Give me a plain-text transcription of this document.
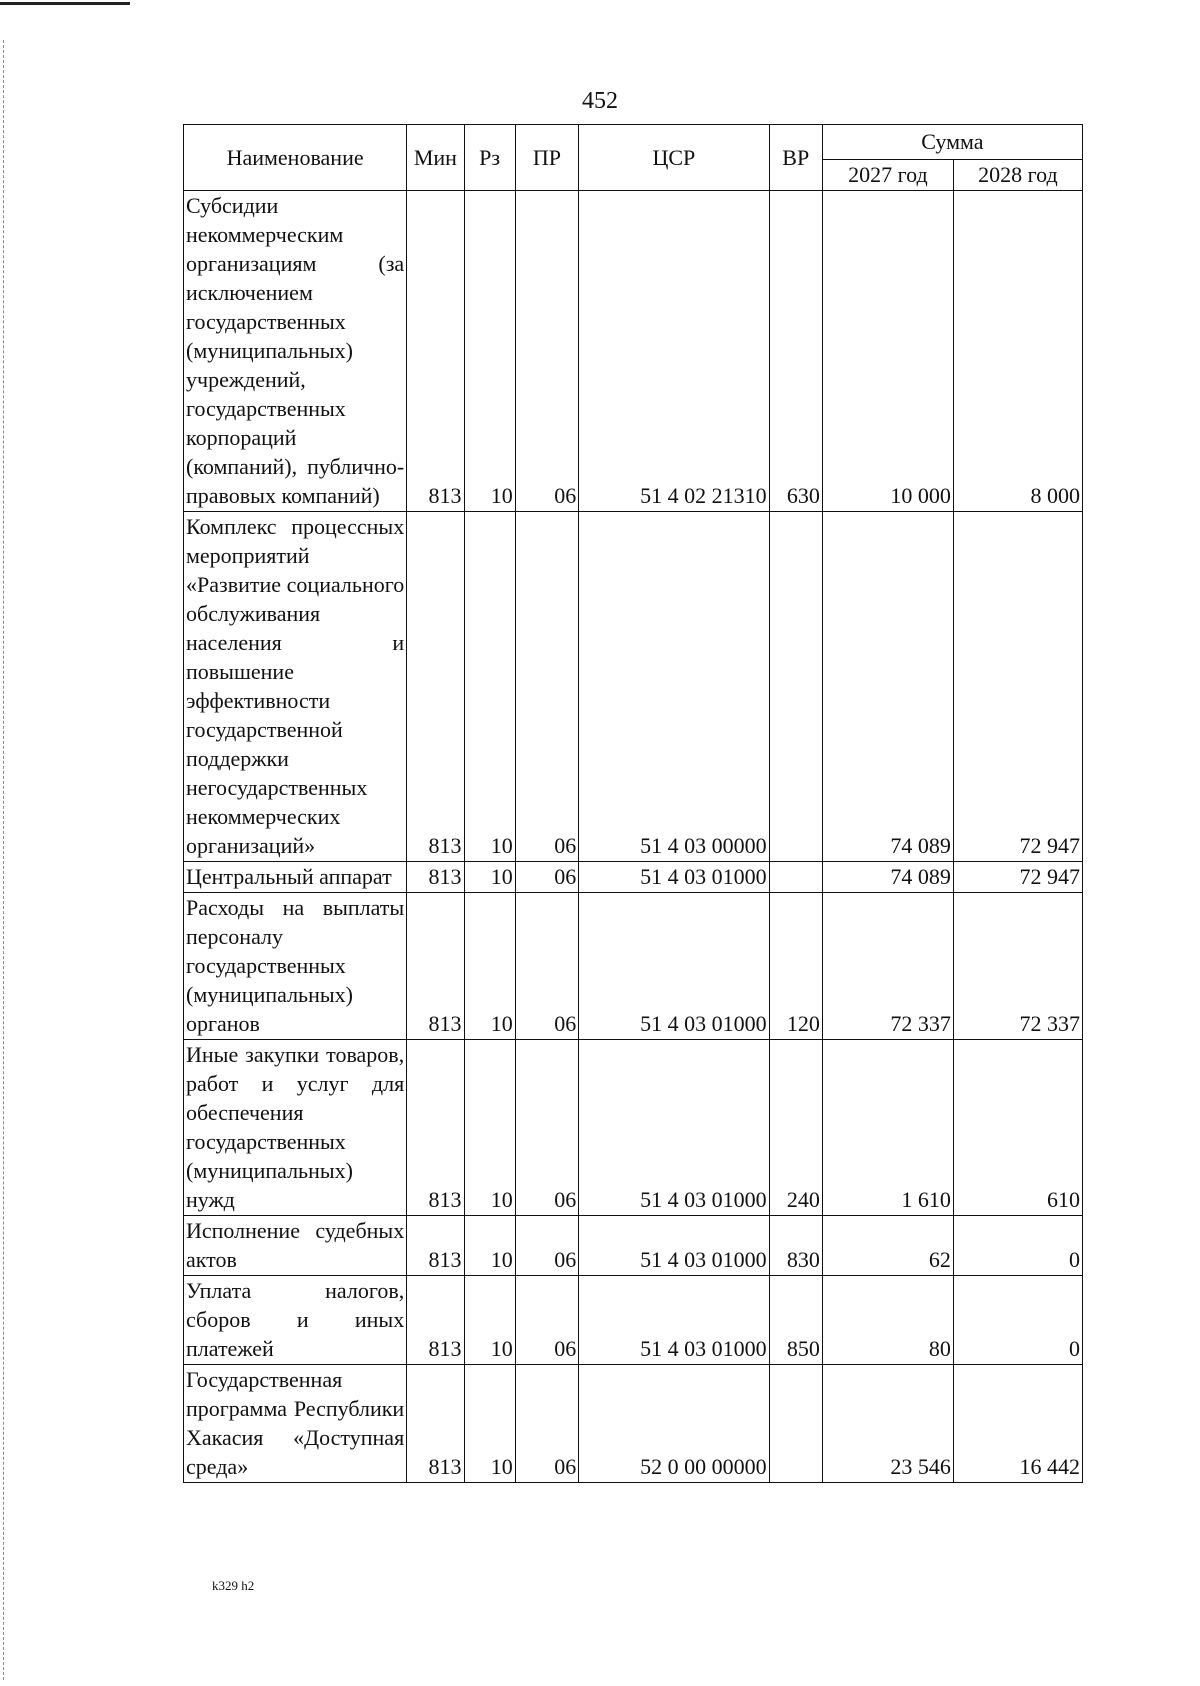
452
Наименование	Мин	Рз	ПР	ЦСР	ВР	Сумма	
						2027 год	2028 год
Субсидии некоммерческим организациям (за исключением государственных (муниципальных) учреждений, государственных корпораций (компаний), публично-правовых компаний)	813	10	06	51 4 02 21310	630	10 000	8 000
Комплекс процессных мероприятий «Развитие социального обслуживания населения и повышение эффективности государственной поддержки негосударственных некоммерческих организаций»	813	10	06	51 4 03 00000		74 089	72 947
Центральный аппарат	813	10	06	51 4 03 01000		74 089	72 947
Расходы на выплаты персоналу государственных (муниципальных) органов	813	10	06	51 4 03 01000	120	72 337	72 337
Иные закупки товаров, работ и услуг для обеспечения государственных (муниципальных) нужд	813	10	06	51 4 03 01000	240	1 610	610
Исполнение судебных актов	813	10	06	51 4 03 01000	830	62	0
Уплата налогов, сборов и иных платежей	813	10	06	51 4 03 01000	850	80	0
Государственная программа Республики Хакасия «Доступная среда»	813	10	06	52 0 00 00000		23 546	16 442
k329 h2
